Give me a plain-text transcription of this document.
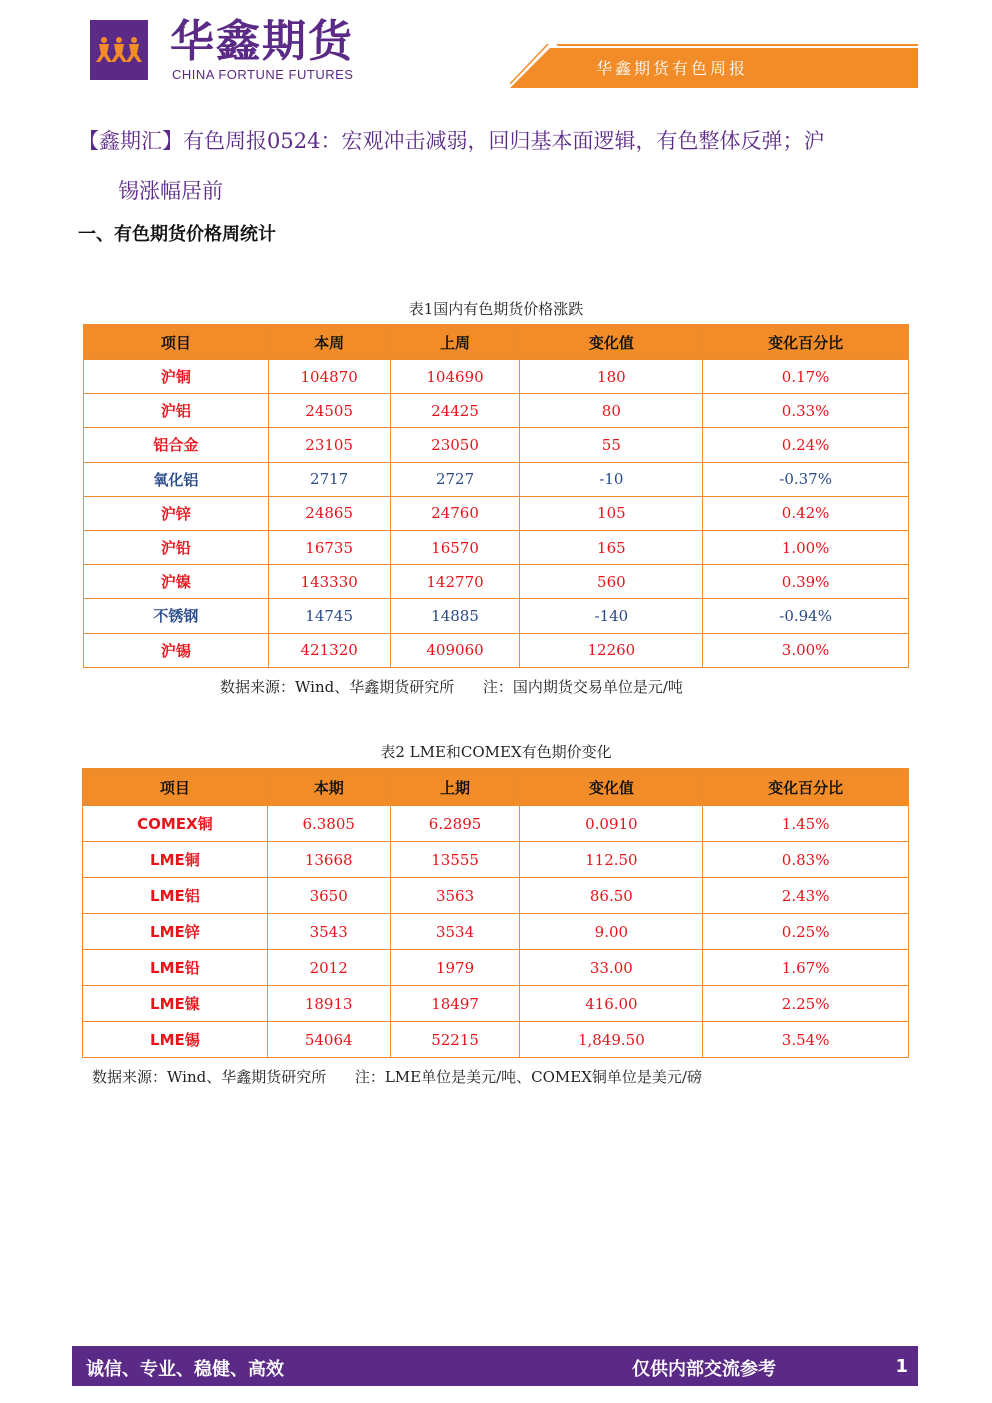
华鑫期货
CHINA FORTUNE FUTURES	华鑫期货有色周报
【鑫期汇】有色周报0524：宏观冲击减弱，回归基本面逻辑，有色整体反弹；沪
锡涨幅居前
一、有色期货价格周统计
表1国内有色期货价格涨跌
项目	本周	上周	变化值	变化百分比
沪铜	104870	104690	180	0.17%
沪铝	24505	24425	80	0.33%
铝合金	23105	23050	55	0.24%
氧化铝	2717	2727	-10	-0.37%
沪锌	24865	24760	105	0.42%
沪铅	16735	16570	165	1.00%
沪镍	143330	142770	560	0.39%
不锈钢	14745	14885	-140	-0.94%
沪锡	421320	409060	12260	3.00%
数据来源：Wind、华鑫期货研究所      注：国内期货交易单位是元/吨
表2 LME和COMEX有色期价变化
项目	本期	上期	变化值	变化百分比
COMEX铜	6.3805	6.2895	0.0910	1.45%
LME铜	13668	13555	112.50	0.83%
LME铝	3650	3563	86.50	2.43%
LME锌	3543	3534	9.00	0.25%
LME铅	2012	1979	33.00	1.67%
LME镍	18913	18497	416.00	2.25%
LME锡	54064	52215	1,849.50	3.54%
数据来源：Wind、华鑫期货研究所      注：LME单位是美元/吨、COMEX铜单位是美元/磅
诚信、专业、稳健、高效	仅供内部交流参考	1
